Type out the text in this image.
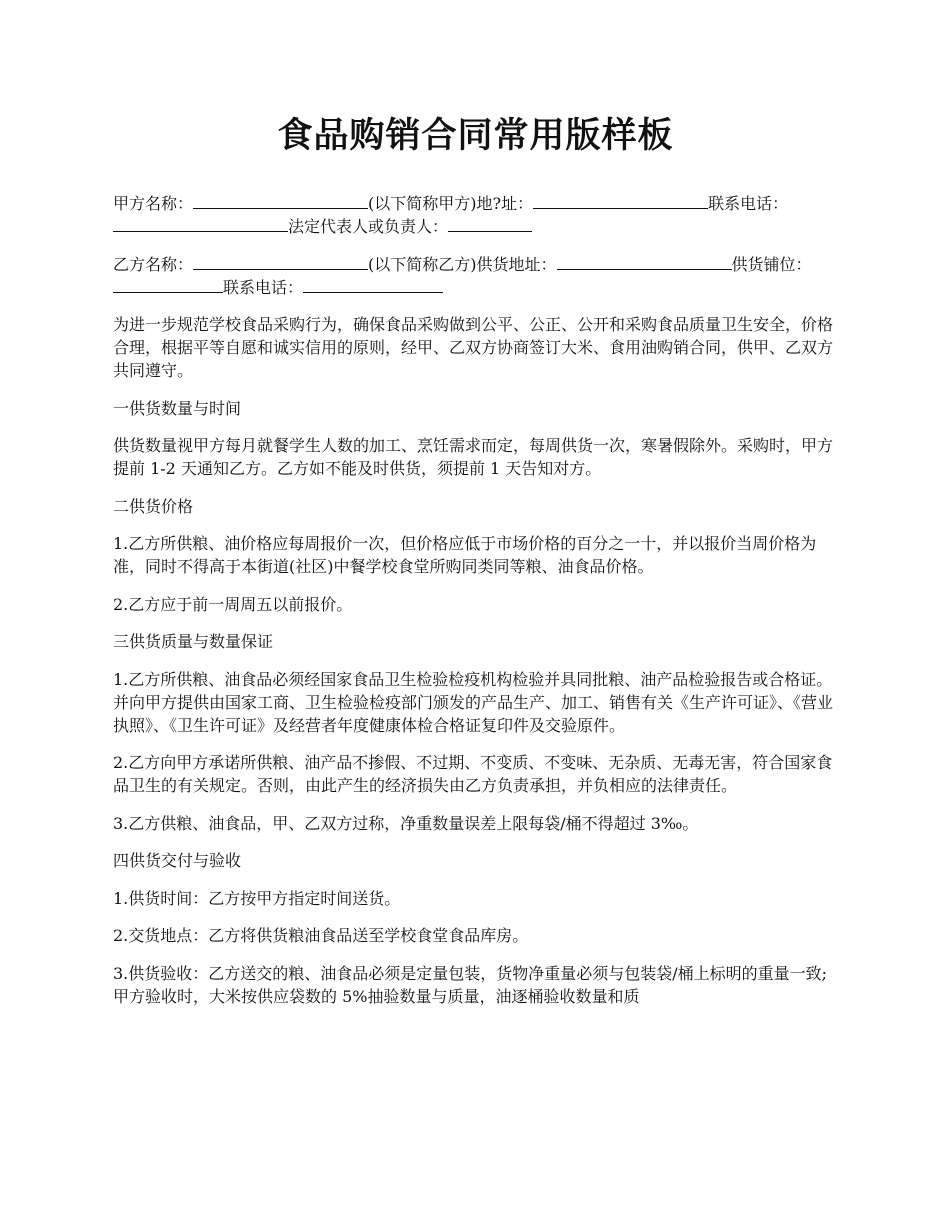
食品购销合同常用版样板

甲方名称：	(以下简称甲方)地?址：	联系电话：法定代表人或负责人：

乙方名称：	(以下简称乙方)供货地址：	供货铺位：联系电话：

为进一步规范学校食品采购行为，确保食品采购做到公平、公正、公开和采购食品质量卫生安全，价格合理，根据平等自愿和诚实信用的原则，经甲、乙双方协商签订大米、食用油购销合同，供甲、乙双方共同遵守。

一供货数量与时间

供货数量视甲方每月就餐学生人数的加工、烹饪需求而定，每周供货一次，寒暑假除外。采购时，甲方提前 1-2 天通知乙方。乙方如不能及时供货，须提前 1 天告知对方。

二供货价格

1.乙方所供粮、油价格应每周报价一次，但价格应低于市场价格的百分之一十，并以报价当周价格为准，同时不得高于本街道(社区)中餐学校食堂所购同类同等粮、油食品价格。

2.乙方应于前一周周五以前报价。

三供货质量与数量保证

1.乙方所供粮、油食品必须经国家食品卫生检验检疫机构检验并具同批粮、油产品检验报告或合格证。并向甲方提供由国家工商、卫生检验检疫部门颁发的产品生产、加工、销售有关《生产许可证》、《营业执照》、《卫生许可证》及经营者年度健康体检合格证复印件及交验原件。

2.乙方向甲方承诺所供粮、油产品不掺假、不过期、不变质、不变味、无杂质、无毒无害，符合国家食品卫生的有关规定。否则，由此产生的经济损失由乙方负责承担，并负相应的法律责任。

3.乙方供粮、油食品，甲、乙双方过称，净重数量误差上限每袋/桶不得超过 3‰。

四供货交付与验收

1.供货时间：乙方按甲方指定时间送货。

2.交货地点：乙方将供货粮油食品送至学校食堂食品库房。

3.供货验收：乙方送交的粮、油食品必须是定量包装，货物净重量必须与包装袋/桶上标明的重量一致;甲方验收时，大米按供应袋数的 5%抽验数量与质量，油逐桶验收数量和质
